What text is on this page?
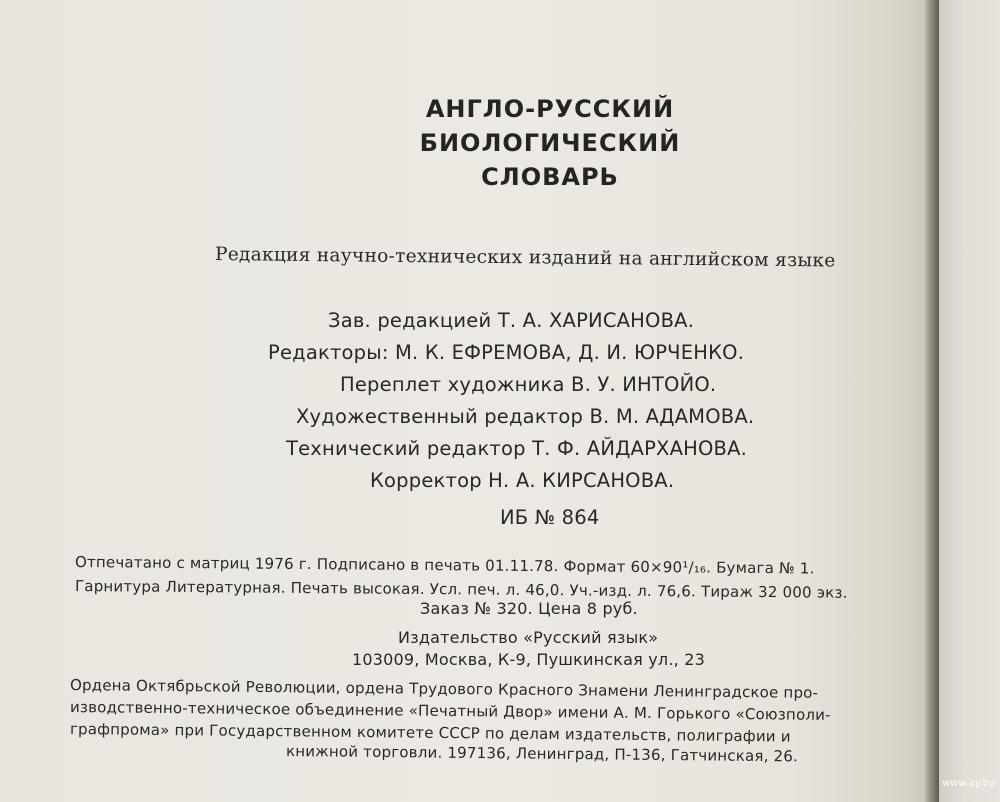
АНГЛО-РУССКИЙ
БИОЛОГИЧЕСКИЙ
СЛОВАРЬ
Редакция научно-технических изданий на английском языке
Зав. редакцией Т. А. ХАРИСАНОВА.
Редакторы: М. К. ЕФРЕМОВА, Д. И. ЮРЧЕНКО.
Переплет художника В. У. ИНТОЙО.
Художественный редактор В. М. АДАМОВА.
Технический редактор Т. Ф. АЙДАРХАНОВА.
Корректор Н. А. КИРСАНОВА.
ИБ № 864
Отпечатано с матриц 1976 г. Подписано в печать 01.11.78. Формат 60×90¹/₁₆. Бумага № 1.
Гарнитура Литературная. Печать высокая. Усл. печ. л. 46,0. Уч.-изд. л. 76,6. Тираж 32 000 экз.
Заказ № 320. Цена 8 руб.
Издательство «Русский язык»
103009, Москва, К-9, Пушкинская ул., 23
Ордена Октябрьской Революции, ордена Трудового Красного Знамени Ленинградское про-
изводственно-техническое объединение «Печатный Двор» имени А. М. Горького «Союзполи-
графпрома» при Государственном комитете СССР по делам издательств, полиграфии и
книжной торговли. 197136, Ленинград, П-136, Гатчинская, 26.
www.ay.by
